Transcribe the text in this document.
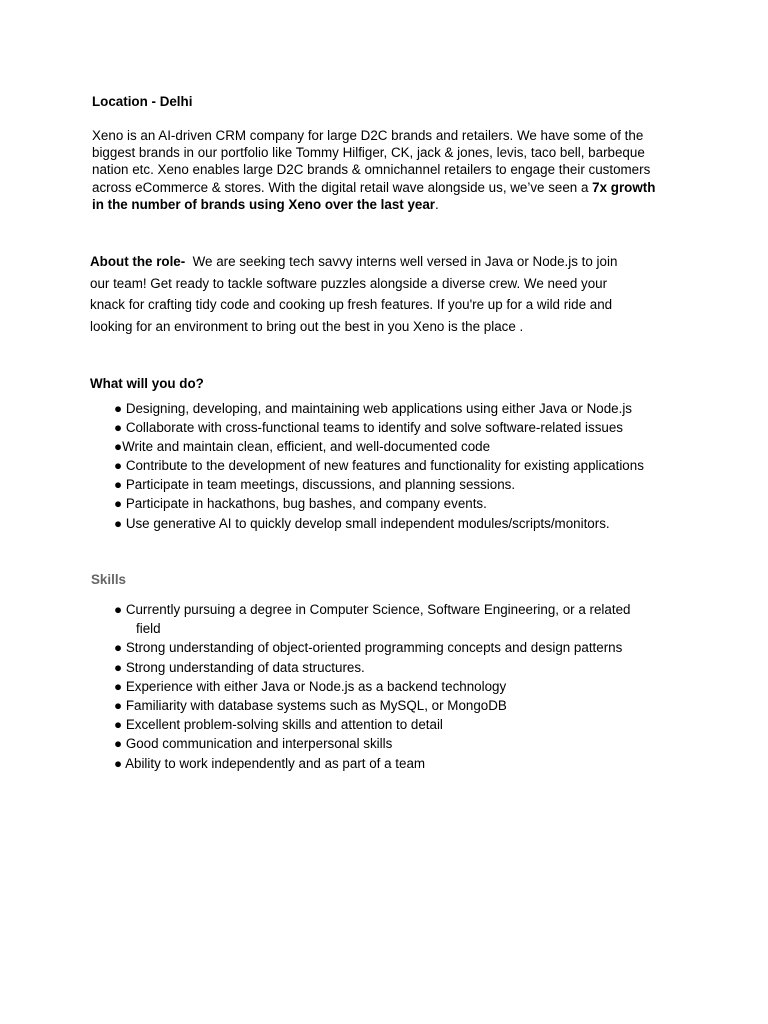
Location - Delhi
Xeno is an AI-driven CRM company for large D2C brands and retailers. We have some of the
biggest brands in our portfolio like Tommy Hilfiger, CK, jack & jones, levis, taco bell, barbeque
nation etc. Xeno enables large D2C brands & omnichannel retailers to engage their customers
across eCommerce & stores. With the digital retail wave alongside us, we’ve seen a 7x growth
in the number of brands using Xeno over the last year.
About the role-  We are seeking tech savvy interns well versed in Java or Node.js to join
our team! Get ready to tackle software puzzles alongside a diverse crew. We need your
knack for crafting tidy code and cooking up fresh features. If you're up for a wild ride and
looking for an environment to bring out the best in you Xeno is the place .
What will you do?
● Designing, developing, and maintaining web applications using either Java or Node.js
● Collaborate with cross-functional teams to identify and solve software-related issues
●Write and maintain clean, efficient, and well-documented code
● Contribute to the development of new features and functionality for existing applications
● Participate in team meetings, discussions, and planning sessions.
● Participate in hackathons, bug bashes, and company events.
● Use generative AI to quickly develop small independent modules/scripts/monitors.
Skills
● Currently pursuing a degree in Computer Science, Software Engineering, or a related
field
● Strong understanding of object-oriented programming concepts and design patterns
● Strong understanding of data structures.
● Experience with either Java or Node.js as a backend technology
● Familiarity with database systems such as MySQL, or MongoDB
● Excellent problem-solving skills and attention to detail
● Good communication and interpersonal skills
● Ability to work independently and as part of a team
